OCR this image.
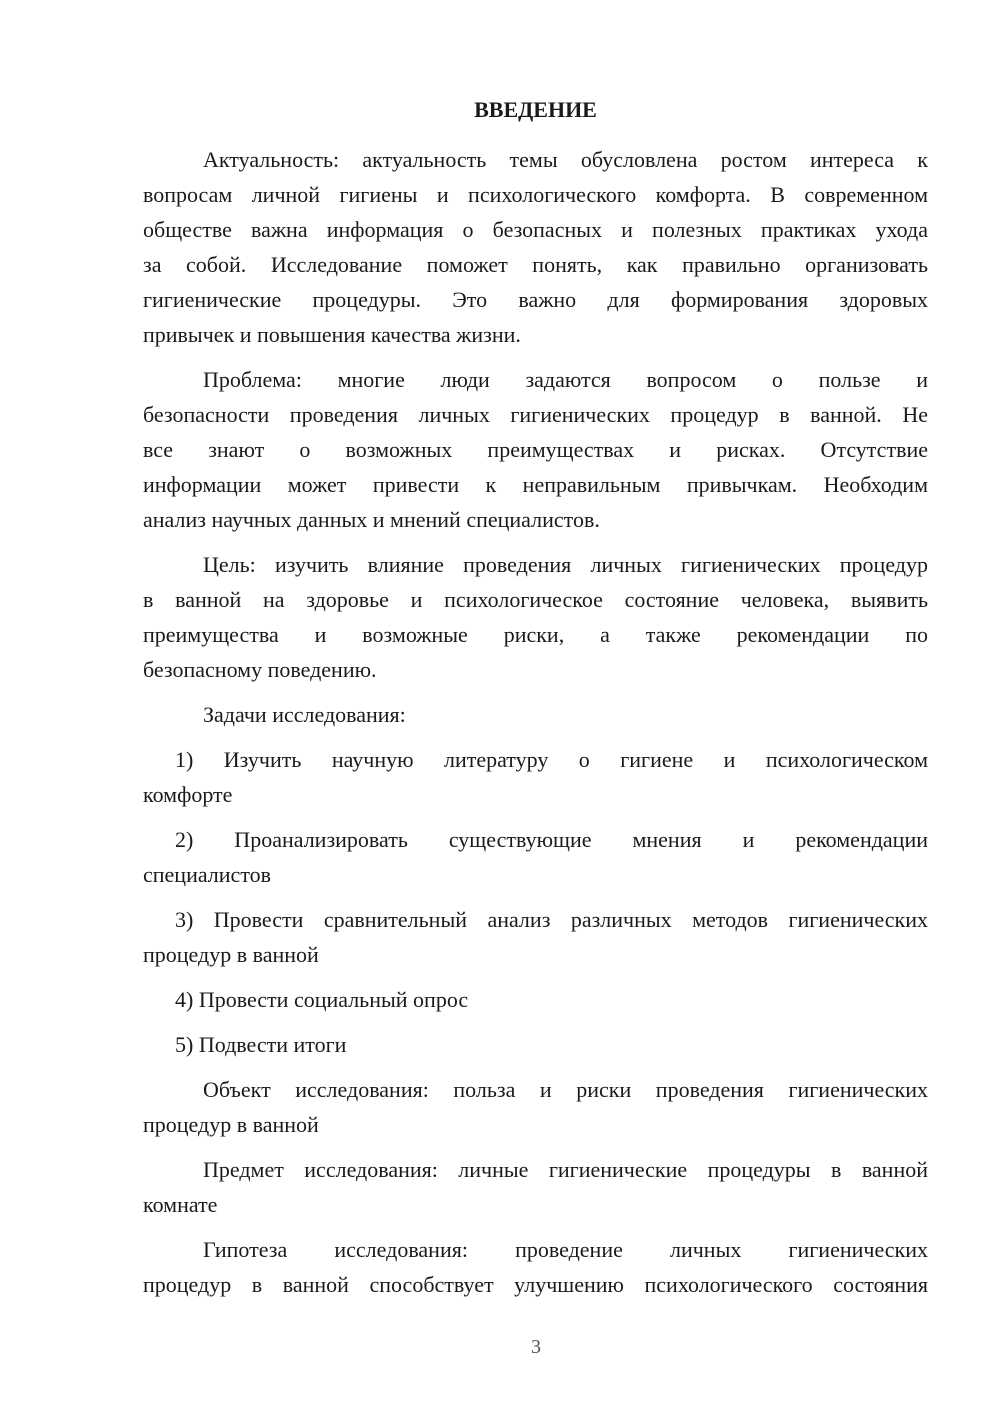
ВВЕДЕНИЕ
Актуальность: актуальность темы обусловлена ростом интереса к
вопросам личной гигиены и психологического комфорта. В современном
обществе важна информация о безопасных и полезных практиках ухода
за собой. Исследование поможет понять, как правильно организовать
гигиенические процедуры. Это важно для формирования здоровых
привычек и повышения качества жизни.
Проблема: многие люди задаются вопросом о пользе и
безопасности проведения личных гигиенических процедур в ванной. Не
все знают о возможных преимуществах и рисках. Отсутствие
информации может привести к неправильным привычкам. Необходим
анализ научных данных и мнений специалистов.
Цель: изучить влияние проведения личных гигиенических процедур
в ванной на здоровье и психологическое состояние человека, выявить
преимущества и возможные риски, а также рекомендации по
безопасному поведению.
Задачи исследования:
1) Изучить научную литературу о гигиене и психологическом
комфорте
2) Проанализировать существующие мнения и рекомендации
специалистов
3) Провести сравнительный анализ различных методов гигиенических
процедур в ванной
4) Провести социальный опрос
5) Подвести итоги
Объект исследования: польза и риски проведения гигиенических
процедур в ванной
Предмет исследования: личные гигиенические процедуры в ванной
комнате
Гипотеза исследования: проведение личных гигиенических
процедур в ванной способствует улучшению психологического состояния
3
